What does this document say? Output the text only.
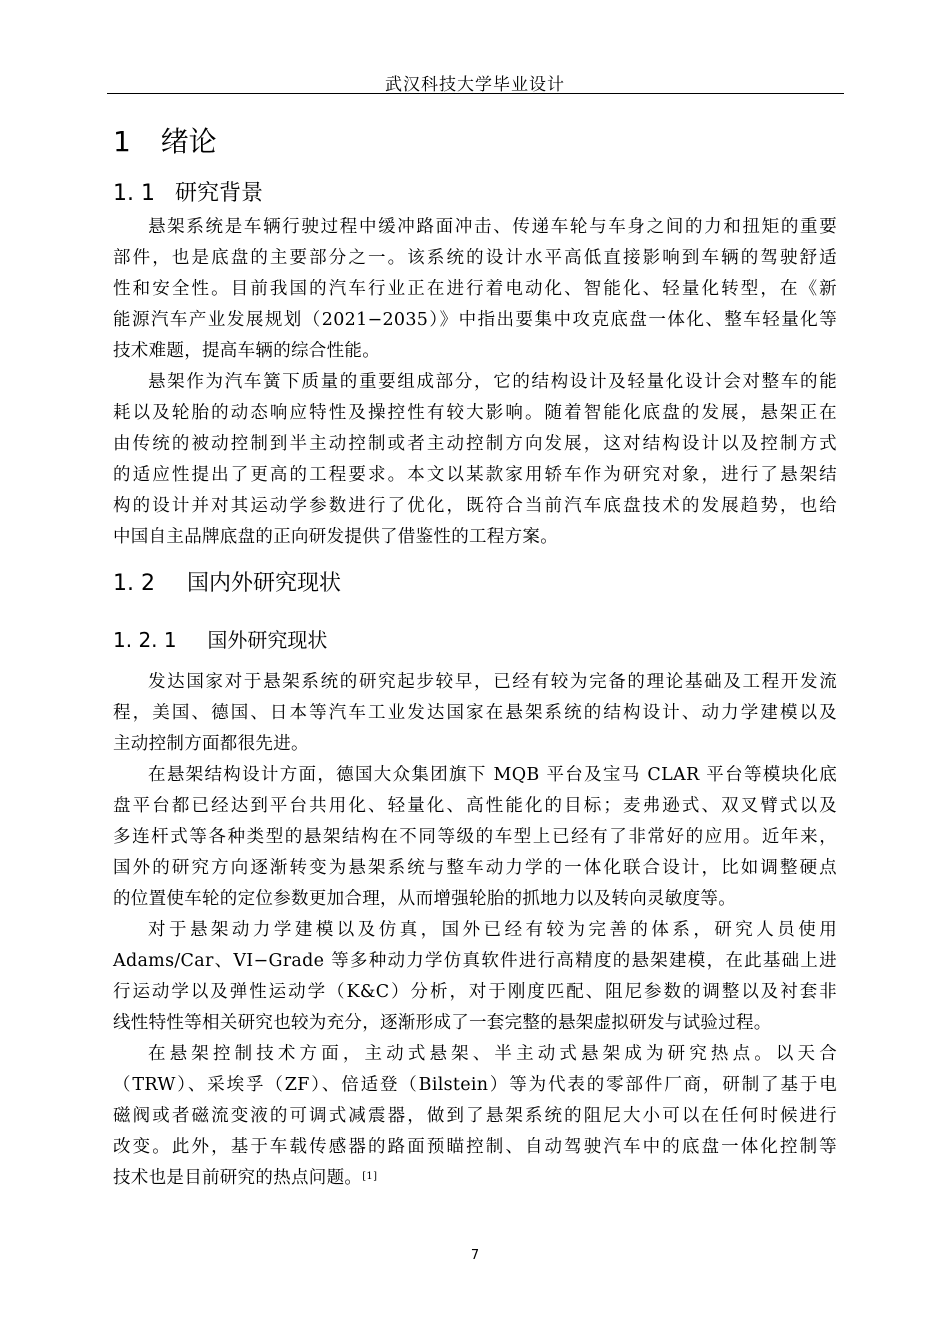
武汉科技大学毕业设计
1 绪论
1. 1 研究背景
悬架系统是车辆行驶过程中缓冲路面冲击、传递车轮与车身之间的力和扭矩的重要
部件，也是底盘的主要部分之一。该系统的设计水平高低直接影响到车辆的驾驶舒适
性和安全性。目前我国的汽车行业正在进行着电动化、智能化、轻量化转型，在《新
能源汽车产业发展规划（2021−2035）》中指出要集中攻克底盘一体化、整车轻量化等
技术难题，提高车辆的综合性能。
悬架作为汽车簧下质量的重要组成部分，它的结构设计及轻量化设计会对整车的能
耗以及轮胎的动态响应特性及操控性有较大影响。随着智能化底盘的发展，悬架正在
由传统的被动控制到半主动控制或者主动控制方向发展，这对结构设计以及控制方式
的适应性提出了更高的工程要求。本文以某款家用轿车作为研究对象，进行了悬架结
构的设计并对其运动学参数进行了优化，既符合当前汽车底盘技术的发展趋势，也给
中国自主品牌底盘的正向研发提供了借鉴性的工程方案。
1. 2 国内外研究现状
1. 2. 1 国外研究现状
发达国家对于悬架系统的研究起步较早，已经有较为完备的理论基础及工程开发流
程，美国、德国、日本等汽车工业发达国家在悬架系统的结构设计、动力学建模以及
主动控制方面都很先进。
在悬架结构设计方面，德国大众集团旗下 MQB 平台及宝马 CLAR 平台等模块化底
盘平台都已经达到平台共用化、轻量化、高性能化的目标；麦弗逊式、双叉臂式以及
多连杆式等各种类型的悬架结构在不同等级的车型上已经有了非常好的应用。近年来，
国外的研究方向逐渐转变为悬架系统与整车动力学的一体化联合设计，比如调整硬点
的位置使车轮的定位参数更加合理，从而增强轮胎的抓地力以及转向灵敏度等。
对于悬架动力学建模以及仿真，国外已经有较为完善的体系，研究人员使用
Adams/Car、VI−Grade 等多种动力学仿真软件进行高精度的悬架建模，在此基础上进
行运动学以及弹性运动学（K&C）分析，对于刚度匹配、阻尼参数的调整以及衬套非
线性特性等相关研究也较为充分，逐渐形成了一套完整的悬架虚拟研发与试验过程。
在悬架控制技术方面，主动式悬架、半主动式悬架成为研究热点。以天合
（TRW）、采埃孚（ZF）、倍适登（Bilstein）等为代表的零部件厂商，研制了基于电
磁阀或者磁流变液的可调式减震器，做到了悬架系统的阻尼大小可以在任何时候进行
改变。此外，基于车载传感器的路面预瞄控制、自动驾驶汽车中的底盘一体化控制等
技术也是目前研究的热点问题。[1]
7
